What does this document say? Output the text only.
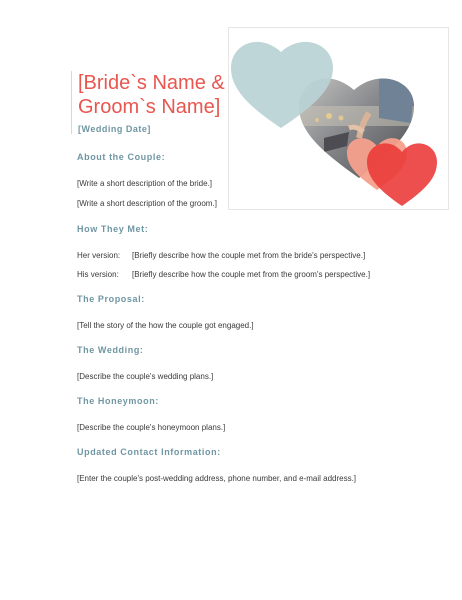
[Bride`s Name &
Groom`s Name]
[Wedding Date]
About the Couple:
[Write a short description of the bride.]
[Write a short description of the groom.]
How They Met:
Her version:	[Briefly describe how the couple met from the bride's perspective.]
His version:	[Briefly describe how the couple met from the groom's perspective.]
The Proposal:
[Tell the story of the how the couple got engaged.]
The Wedding:
[Describe the couple's wedding plans.]
The Honeymoon:
[Describe the couple's honeymoon plans.]
Updated Contact Information:
[Enter the couple's post-wedding address, phone number, and e-mail address.]
